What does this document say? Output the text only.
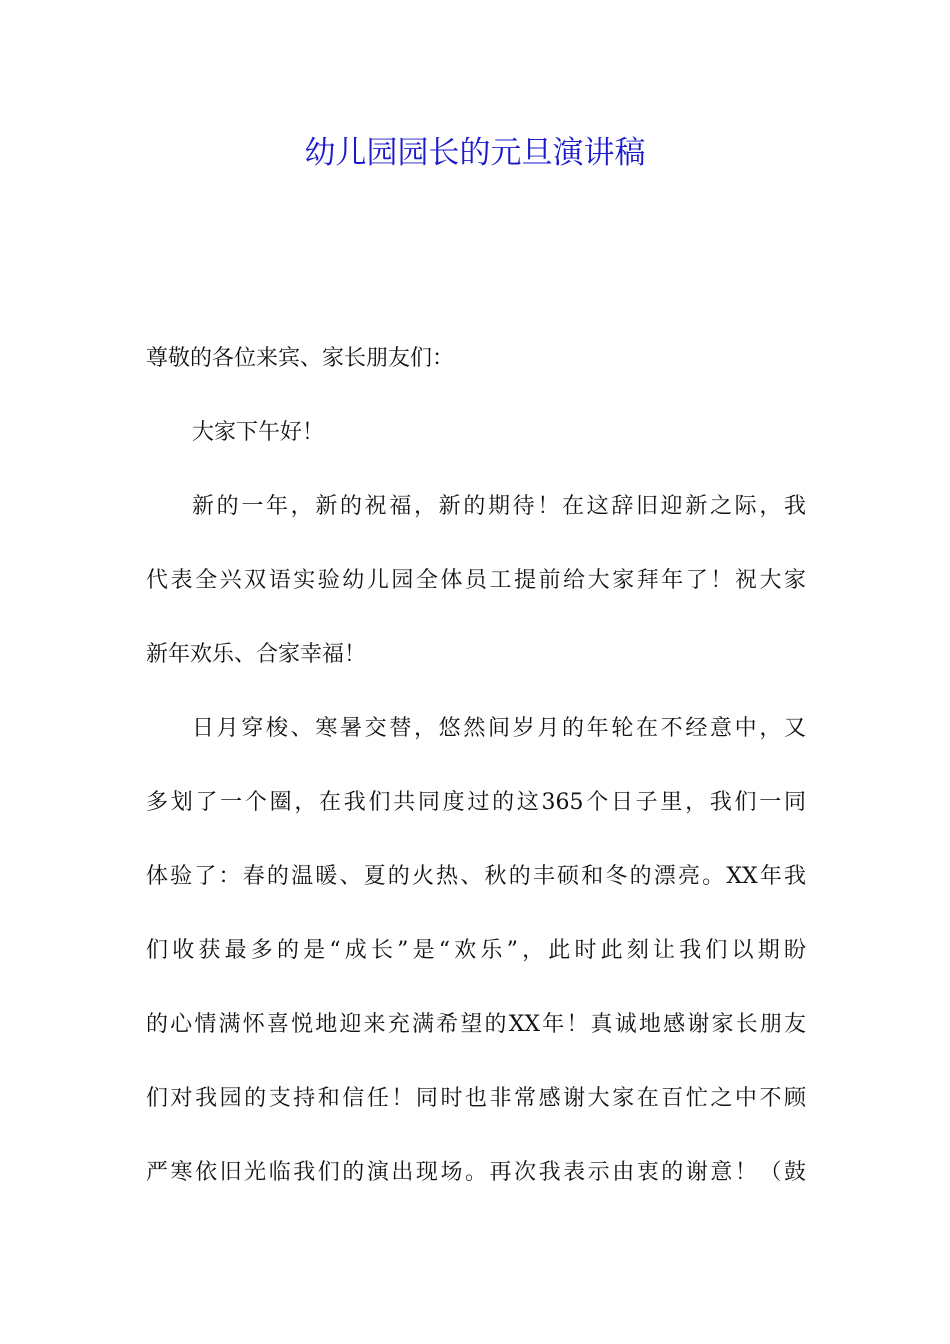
幼儿园园长的元旦演讲稿
尊敬的各位来宾、家长朋友们：
大家下午好！
新的一年，新的祝福，新的期待！在这辞旧迎新之际，我
代表全兴双语实验幼儿园全体员工提前给大家拜年了！祝大家
新年欢乐、合家幸福！
日月穿梭、寒暑交替，悠然间岁月的年轮在不经意中，又
多划了一个圈，在我们共同度过的这365个日子里，我们一同
体验了：春的温暖、夏的火热、秋的丰硕和冬的漂亮。XX年我
们收获最多的是“成长”是“欢乐”，此时此刻让我们以期盼
的心情满怀喜悦地迎来充满希望的XX年！真诚地感谢家长朋友
们对我园的支持和信任！同时也非常感谢大家在百忙之中不顾
严寒依旧光临我们的演出现场。再次我表示由衷的谢意！（鼓
